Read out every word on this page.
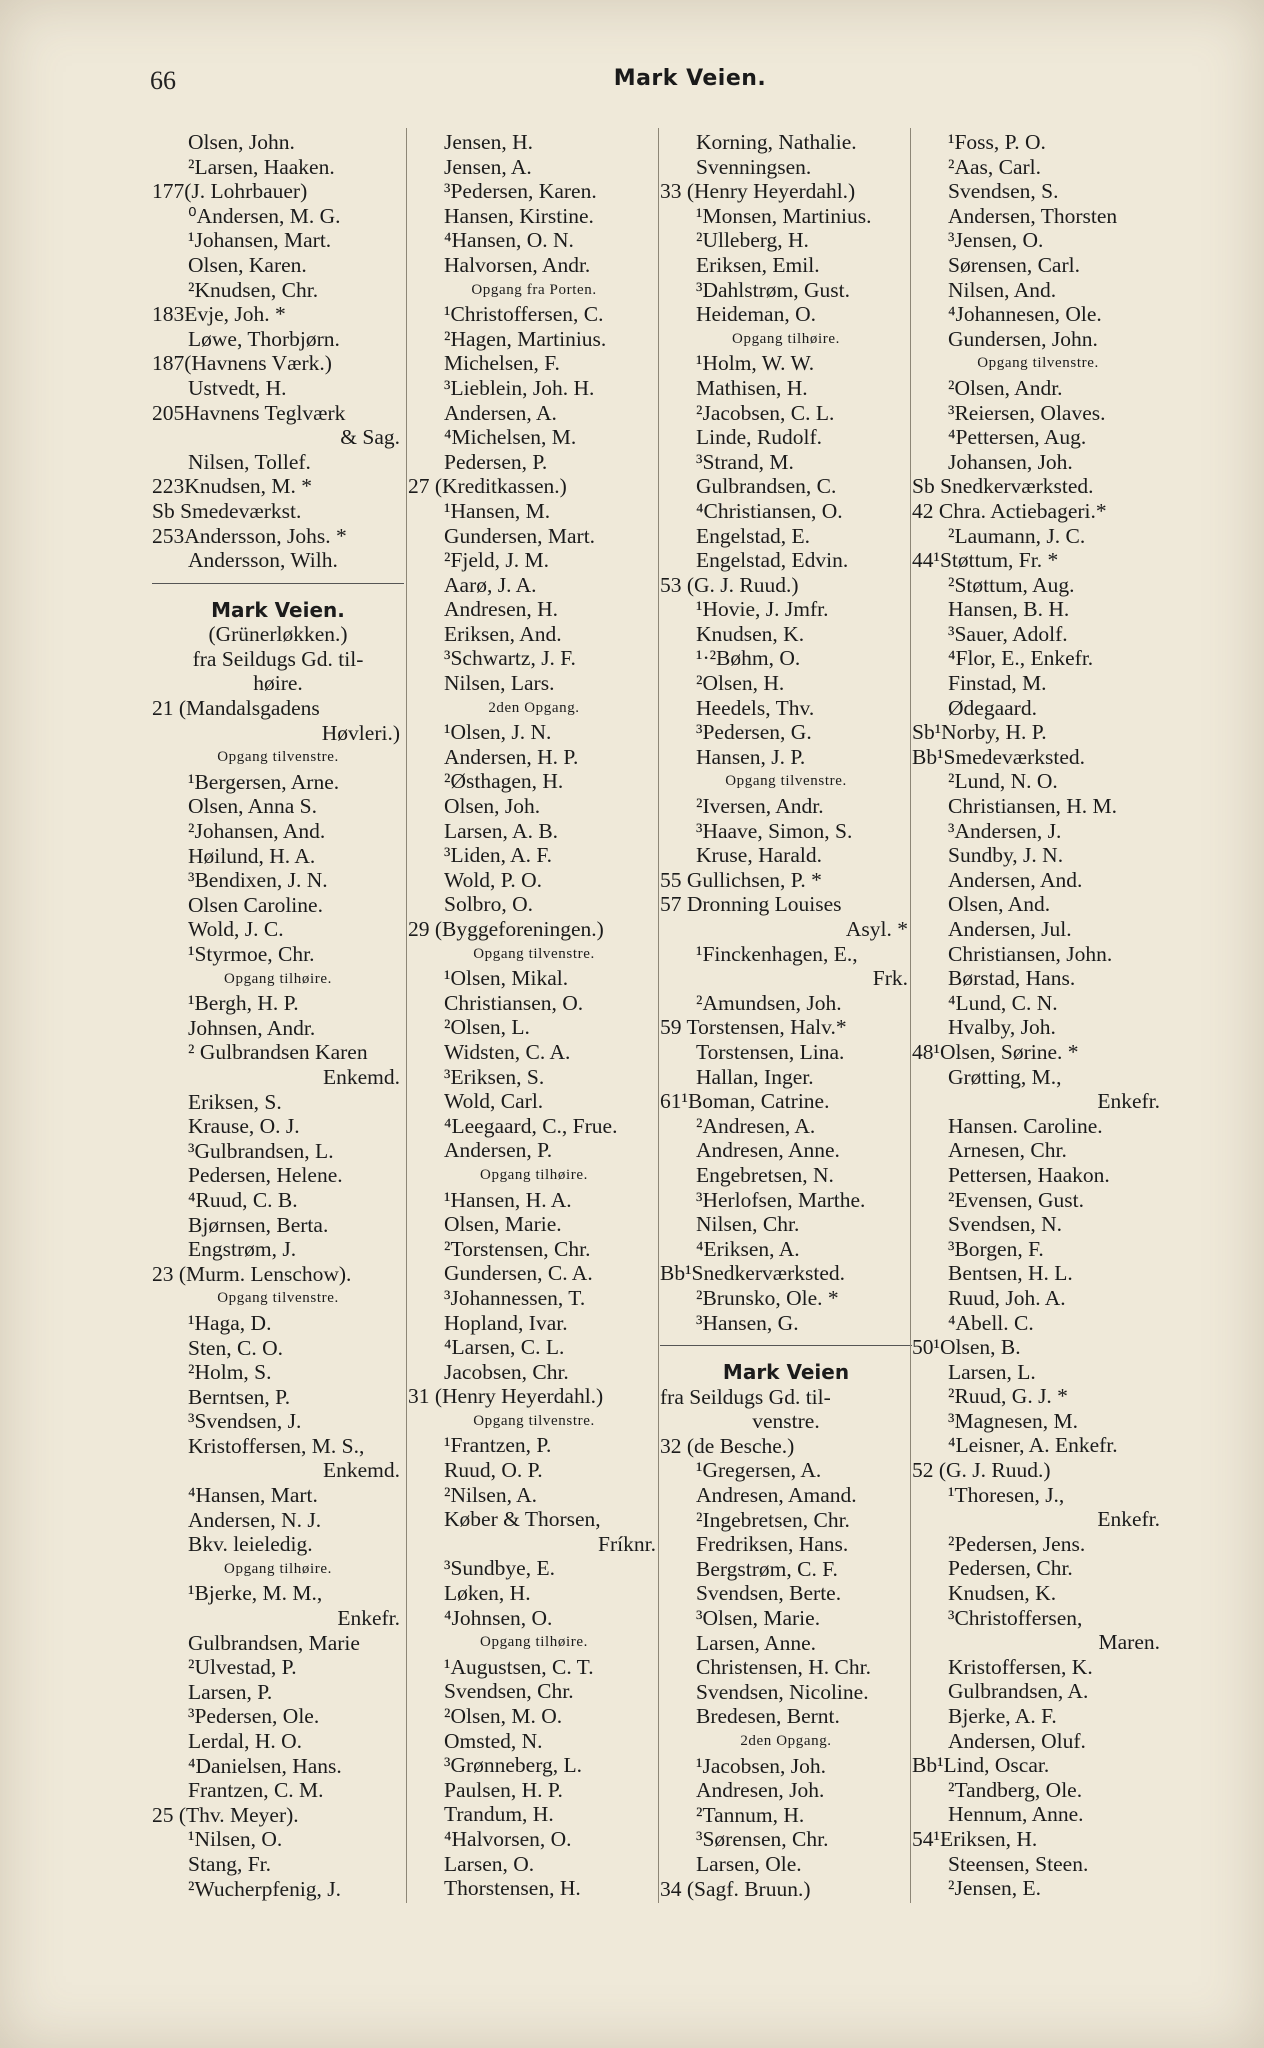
66	Mark Veien.
Olsen, John.
²Larsen, Haaken.
177(J. Lohrbauer)
⁰Andersen, M. G.
¹Johansen, Mart.
Olsen, Karen.
²Knudsen, Chr.
183Evje, Joh. *
Løwe, Thorbjørn.
187(Havnens Værk.)
Ustvedt, H.
205Havnens Teglværk
& Sag.
Nilsen, Tollef.
223Knudsen, M. *
Sb Smedeværkst.
253Andersson, Johs. *
Andersson, Wilh.
Mark Veien.
(Grünerløkken.)
fra Seildugs Gd. til-
høire.
21 (Mandalsgadens
Høvleri.)
Opgang tilvenstre.
¹Bergersen, Arne.
Olsen, Anna S.
²Johansen, And.
Høilund, H. A.
³Bendixen, J. N.
Olsen Caroline.
Wold, J. C.
¹Styrmoe, Chr.
Opgang tilhøire.
¹Bergh, H. P.
Johnsen, Andr.
² Gulbrandsen Karen
Enkemd.
Eriksen, S.
Krause, O. J.
³Gulbrandsen, L.
Pedersen, Helene.
⁴Ruud, C. B.
Bjørnsen, Berta.
Engstrøm, J.
23 (Murm. Lenschow).
Opgang tilvenstre.
¹Haga, D.
Sten, C. O.
²Holm, S.
Berntsen, P.
³Svendsen, J.
Kristoffersen, M. S.,
Enkemd.
⁴Hansen, Mart.
Andersen, N. J.
Bkv. leieledig.
Opgang tilhøire.
¹Bjerke, M. M.,
Enkefr.
Gulbrandsen, Marie
²Ulvestad, P.
Larsen, P.
³Pedersen, Ole.
Lerdal, H. O.
⁴Danielsen, Hans.
Frantzen, C. M.
25 (Thv. Meyer).
¹Nilsen, O.
Stang, Fr.
²Wucherpfenig, J.
Jensen, H.
Jensen, A.
³Pedersen, Karen.
Hansen, Kirstine.
⁴Hansen, O. N.
Halvorsen, Andr.
Opgang fra Porten.
¹Christoffersen, C.
²Hagen, Martinius.
Michelsen, F.
³Lieblein, Joh. H.
Andersen, A.
⁴Michelsen, M.
Pedersen, P.
27 (Kreditkassen.)
¹Hansen, M.
Gundersen, Mart.
²Fjeld, J. M.
Aarø, J. A.
Andresen, H.
Eriksen, And.
³Schwartz, J. F.
Nilsen, Lars.
2den Opgang.
¹Olsen, J. N.
Andersen, H. P.
²Østhagen, H.
Olsen, Joh.
Larsen, A. B.
³Liden, A. F.
Wold, P. O.
Solbro, O.
29 (Byggeforeningen.)
Opgang tilvenstre.
¹Olsen, Mikal.
Christiansen, O.
²Olsen, L.
Widsten, C. A.
³Eriksen, S.
Wold, Carl.
⁴Leegaard, C., Frue.
Andersen, P.
Opgang tilhøire.
¹Hansen, H. A.
Olsen, Marie.
²Torstensen, Chr.
Gundersen, C. A.
³Johannessen, T.
Hopland, Ivar.
⁴Larsen, C. L.
Jacobsen, Chr.
31 (Henry Heyerdahl.)
Opgang tilvenstre.
¹Frantzen, P.
Ruud, O. P.
²Nilsen, A.
Køber & Thorsen,
Fríknr.
³Sundbye, E.
Løken, H.
⁴Johnsen, O.
Opgang tilhøire.
¹Augustsen, C. T.
Svendsen, Chr.
²Olsen, M. O.
Omsted, N.
³Grønneberg, L.
Paulsen, H. P.
Trandum, H.
⁴Halvorsen, O.
Larsen, O.
Thorstensen, H.
Korning, Nathalie.
Svenningsen.
33 (Henry Heyerdahl.)
¹Monsen, Martinius.
²Ulleberg, H.
Eriksen, Emil.
³Dahlstrøm, Gust.
Heideman, O.
Opgang tilhøire.
¹Holm, W. W.
Mathisen, H.
²Jacobsen, C. L.
Linde, Rudolf.
³Strand, M.
Gulbrandsen, C.
⁴Christiansen, O.
Engelstad, E.
Engelstad, Edvin.
53 (G. J. Ruud.)
¹Hovie, J. Jmfr.
Knudsen, K.
¹·²Bøhm, O.
²Olsen, H.
Heedels, Thv.
³Pedersen, G.
Hansen, J. P.
Opgang tilvenstre.
²Iversen, Andr.
³Haave, Simon, S.
Kruse, Harald.
55 Gullichsen, P. *
57 Dronning Louises
Asyl. *
¹Finckenhagen, E.,
Frk.
²Amundsen, Joh.
59 Torstensen, Halv.*
Torstensen, Lina.
Hallan, Inger.
61¹Boman, Catrine.
²Andresen, A.
Andresen, Anne.
Engebretsen, N.
³Herlofsen, Marthe.
Nilsen, Chr.
⁴Eriksen, A.
Bb¹Snedkerværksted.
²Brunsko, Ole. *
³Hansen, G.
Mark Veien
fra Seildugs Gd. til-
venstre.
32 (de Besche.)
¹Gregersen, A.
Andresen, Amand.
²Ingebretsen, Chr.
Fredriksen, Hans.
Bergstrøm, C. F.
Svendsen, Berte.
³Olsen, Marie.
Larsen, Anne.
Christensen, H. Chr.
Svendsen, Nicoline.
Bredesen, Bernt.
2den Opgang.
¹Jacobsen, Joh.
Andresen, Joh.
²Tannum, H.
³Sørensen, Chr.
Larsen, Ole.
34 (Sagf. Bruun.)
¹Foss, P. O.
²Aas, Carl.
Svendsen, S.
Andersen, Thorsten
³Jensen, O.
Sørensen, Carl.
Nilsen, And.
⁴Johannesen, Ole.
Gundersen, John.
Opgang tilvenstre.
²Olsen, Andr.
³Reiersen, Olaves.
⁴Pettersen, Aug.
Johansen, Joh.
Sb Snedkerværksted.
42 Chra. Actiebageri.*
²Laumann, J. C.
44¹Støttum, Fr. *
²Støttum, Aug.
Hansen, B. H.
³Sauer, Adolf.
⁴Flor, E., Enkefr.
Finstad, M.
Ødegaard.
Sb¹Norby, H. P.
Bb¹Smedeværksted.
²Lund, N. O.
Christiansen, H. M.
³Andersen, J.
Sundby, J. N.
Andersen, And.
Olsen, And.
Andersen, Jul.
Christiansen, John.
Børstad, Hans.
⁴Lund, C. N.
Hvalby, Joh.
48¹Olsen, Sørine. *
Grøtting, M.,
Enkefr.
Hansen. Caroline.
Arnesen, Chr.
Pettersen, Haakon.
²Evensen, Gust.
Svendsen, N.
³Borgen, F.
Bentsen, H. L.
Ruud, Joh. A.
⁴Abell. C.
50¹Olsen, B.
Larsen, L.
²Ruud, G. J. *
³Magnesen, M.
⁴Leisner, A. Enkefr.
52 (G. J. Ruud.)
¹Thoresen, J.,
Enkefr.
²Pedersen, Jens.
Pedersen, Chr.
Knudsen, K.
³Christoffersen,
Maren.
Kristoffersen, K.
Gulbrandsen, A.
Bjerke, A. F.
Andersen, Oluf.
Bb¹Lind, Oscar.
²Tandberg, Ole.
Hennum, Anne.
54¹Eriksen, H.
Steensen, Steen.
²Jensen, E.
